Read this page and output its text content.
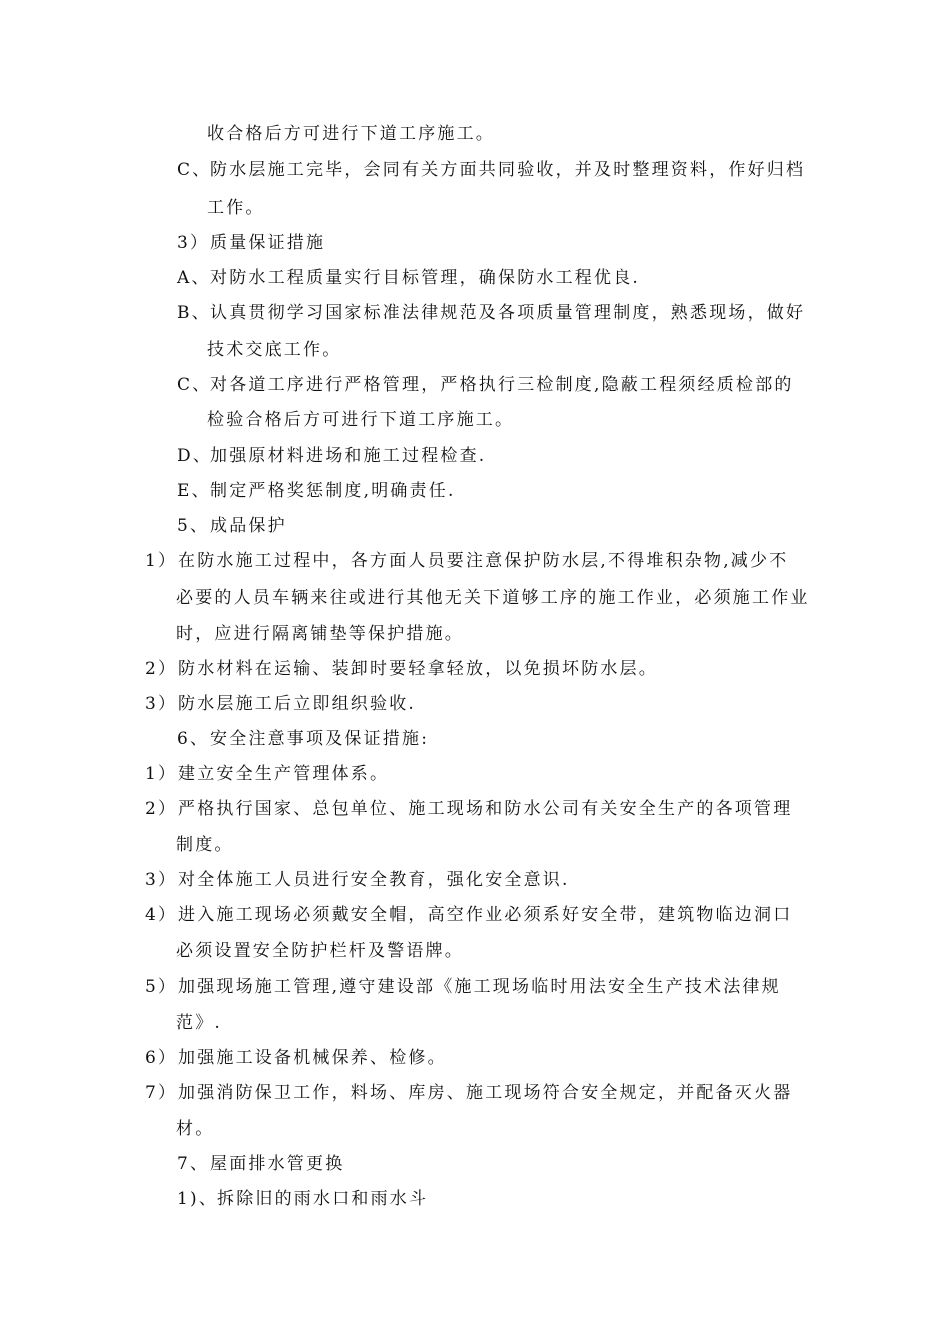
收合格后方可进行下道工序施工。
C、防水层施工完毕，会同有关方面共同验收，并及时整理资料，作好归档
工作。
3）质量保证措施
A、对防水工程质量实行目标管理，确保防水工程优良.
B、认真贯彻学习国家标准法律规范及各项质量管理制度，熟悉现场，做好
技术交底工作。
C、对各道工序进行严格管理，严格执行三检制度,隐蔽工程须经质检部的
检验合格后方可进行下道工序施工。
D、加强原材料进场和施工过程检查.
E、制定严格奖惩制度,明确责任.
5、成品保护
1）在防水施工过程中，各方面人员要注意保护防水层,不得堆积杂物,减少不
必要的人员车辆来往或进行其他无关下道够工序的施工作业，必须施工作业
时，应进行隔离铺垫等保护措施。
2）防水材料在运输、装卸时要轻拿轻放，以免损坏防水层。
3）防水层施工后立即组织验收.
6、安全注意事项及保证措施:
1）建立安全生产管理体系。
2）严格执行国家、总包单位、施工现场和防水公司有关安全生产的各项管理
制度。
3）对全体施工人员进行安全教育，强化安全意识.
4）进入施工现场必须戴安全帽，高空作业必须系好安全带，建筑物临边洞口
必须设置安全防护栏杆及警语牌。
5）加强现场施工管理,遵守建设部《施工现场临时用法安全生产技术法律规
范》.
6）加强施工设备机械保养、检修。
7）加强消防保卫工作，料场、库房、施工现场符合安全规定，并配备灭火器
材。
7、屋面排水管更换
1)、拆除旧的雨水口和雨水斗
